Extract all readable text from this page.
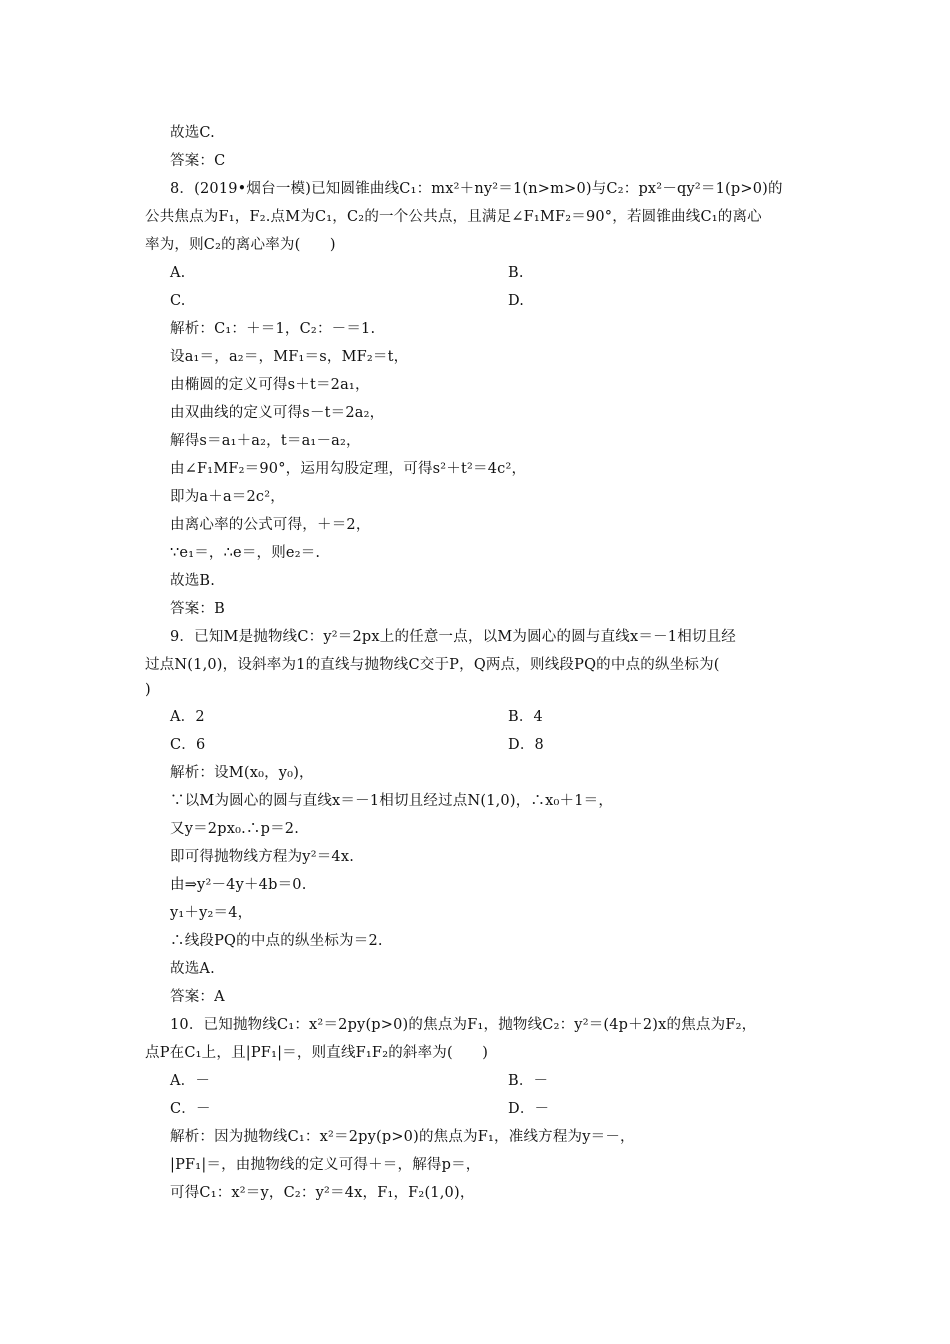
故选C.
答案：C
8．(2019•烟台一模)已知圆锥曲线C₁：mx²＋ny²＝1(n>m>0)与C₂：px²－qy²＝1(p>0)的
公共焦点为F₁，F₂.点M为C₁，C₂的一个公共点，且满足∠F₁MF₂＝90°，若圆锥曲线C₁的离心
率为，则C₂的离心率为(　　)
A.	B.
C.	D.
解析：C₁：＋＝1，C₂：－＝1.
设a₁＝，a₂＝，MF₁＝s，MF₂＝t，
由椭圆的定义可得s＋t＝2a₁，
由双曲线的定义可得s－t＝2a₂，
解得s＝a₁＋a₂，t＝a₁－a₂，
由∠F₁MF₂＝90°，运用勾股定理，可得s²＋t²＝4c²，
即为a＋a＝2c²，
由离心率的公式可得，＋＝2，
∵e₁＝，∴e＝，则e₂＝.
故选B.
答案：B
9．已知M是抛物线C：y²＝2px上的任意一点，以M为圆心的圆与直线x＝－1相切且经
过点N(1,0)，设斜率为1的直线与抛物线C交于P，Q两点，则线段PQ的中点的纵坐标为(
)
A．2	B．4
C．6	D．8
解析：设M(x₀，y₀)，
∵以M为圆心的圆与直线x＝－1相切且经过点N(1,0)，∴x₀＋1＝，
又y＝2px₀.∴p＝2.
即可得抛物线方程为y²＝4x.
由⇒y²－4y＋4b＝0.
y₁＋y₂＝4，
∴线段PQ的中点的纵坐标为＝2.
故选A.
答案：A
10．已知抛物线C₁：x²＝2py(p>0)的焦点为F₁，抛物线C₂：y²＝(4p＋2)x的焦点为F₂，
点P在C₁上，且|PF₁|＝，则直线F₁F₂的斜率为(　　)
A．－	B．－
C．－	D．－
解析：因为抛物线C₁：x²＝2py(p>0)的焦点为F₁，准线方程为y＝－，
|PF₁|＝，由抛物线的定义可得＋＝，解得p＝，
可得C₁：x²＝y，C₂：y²＝4x，F₁，F₂(1,0)，
